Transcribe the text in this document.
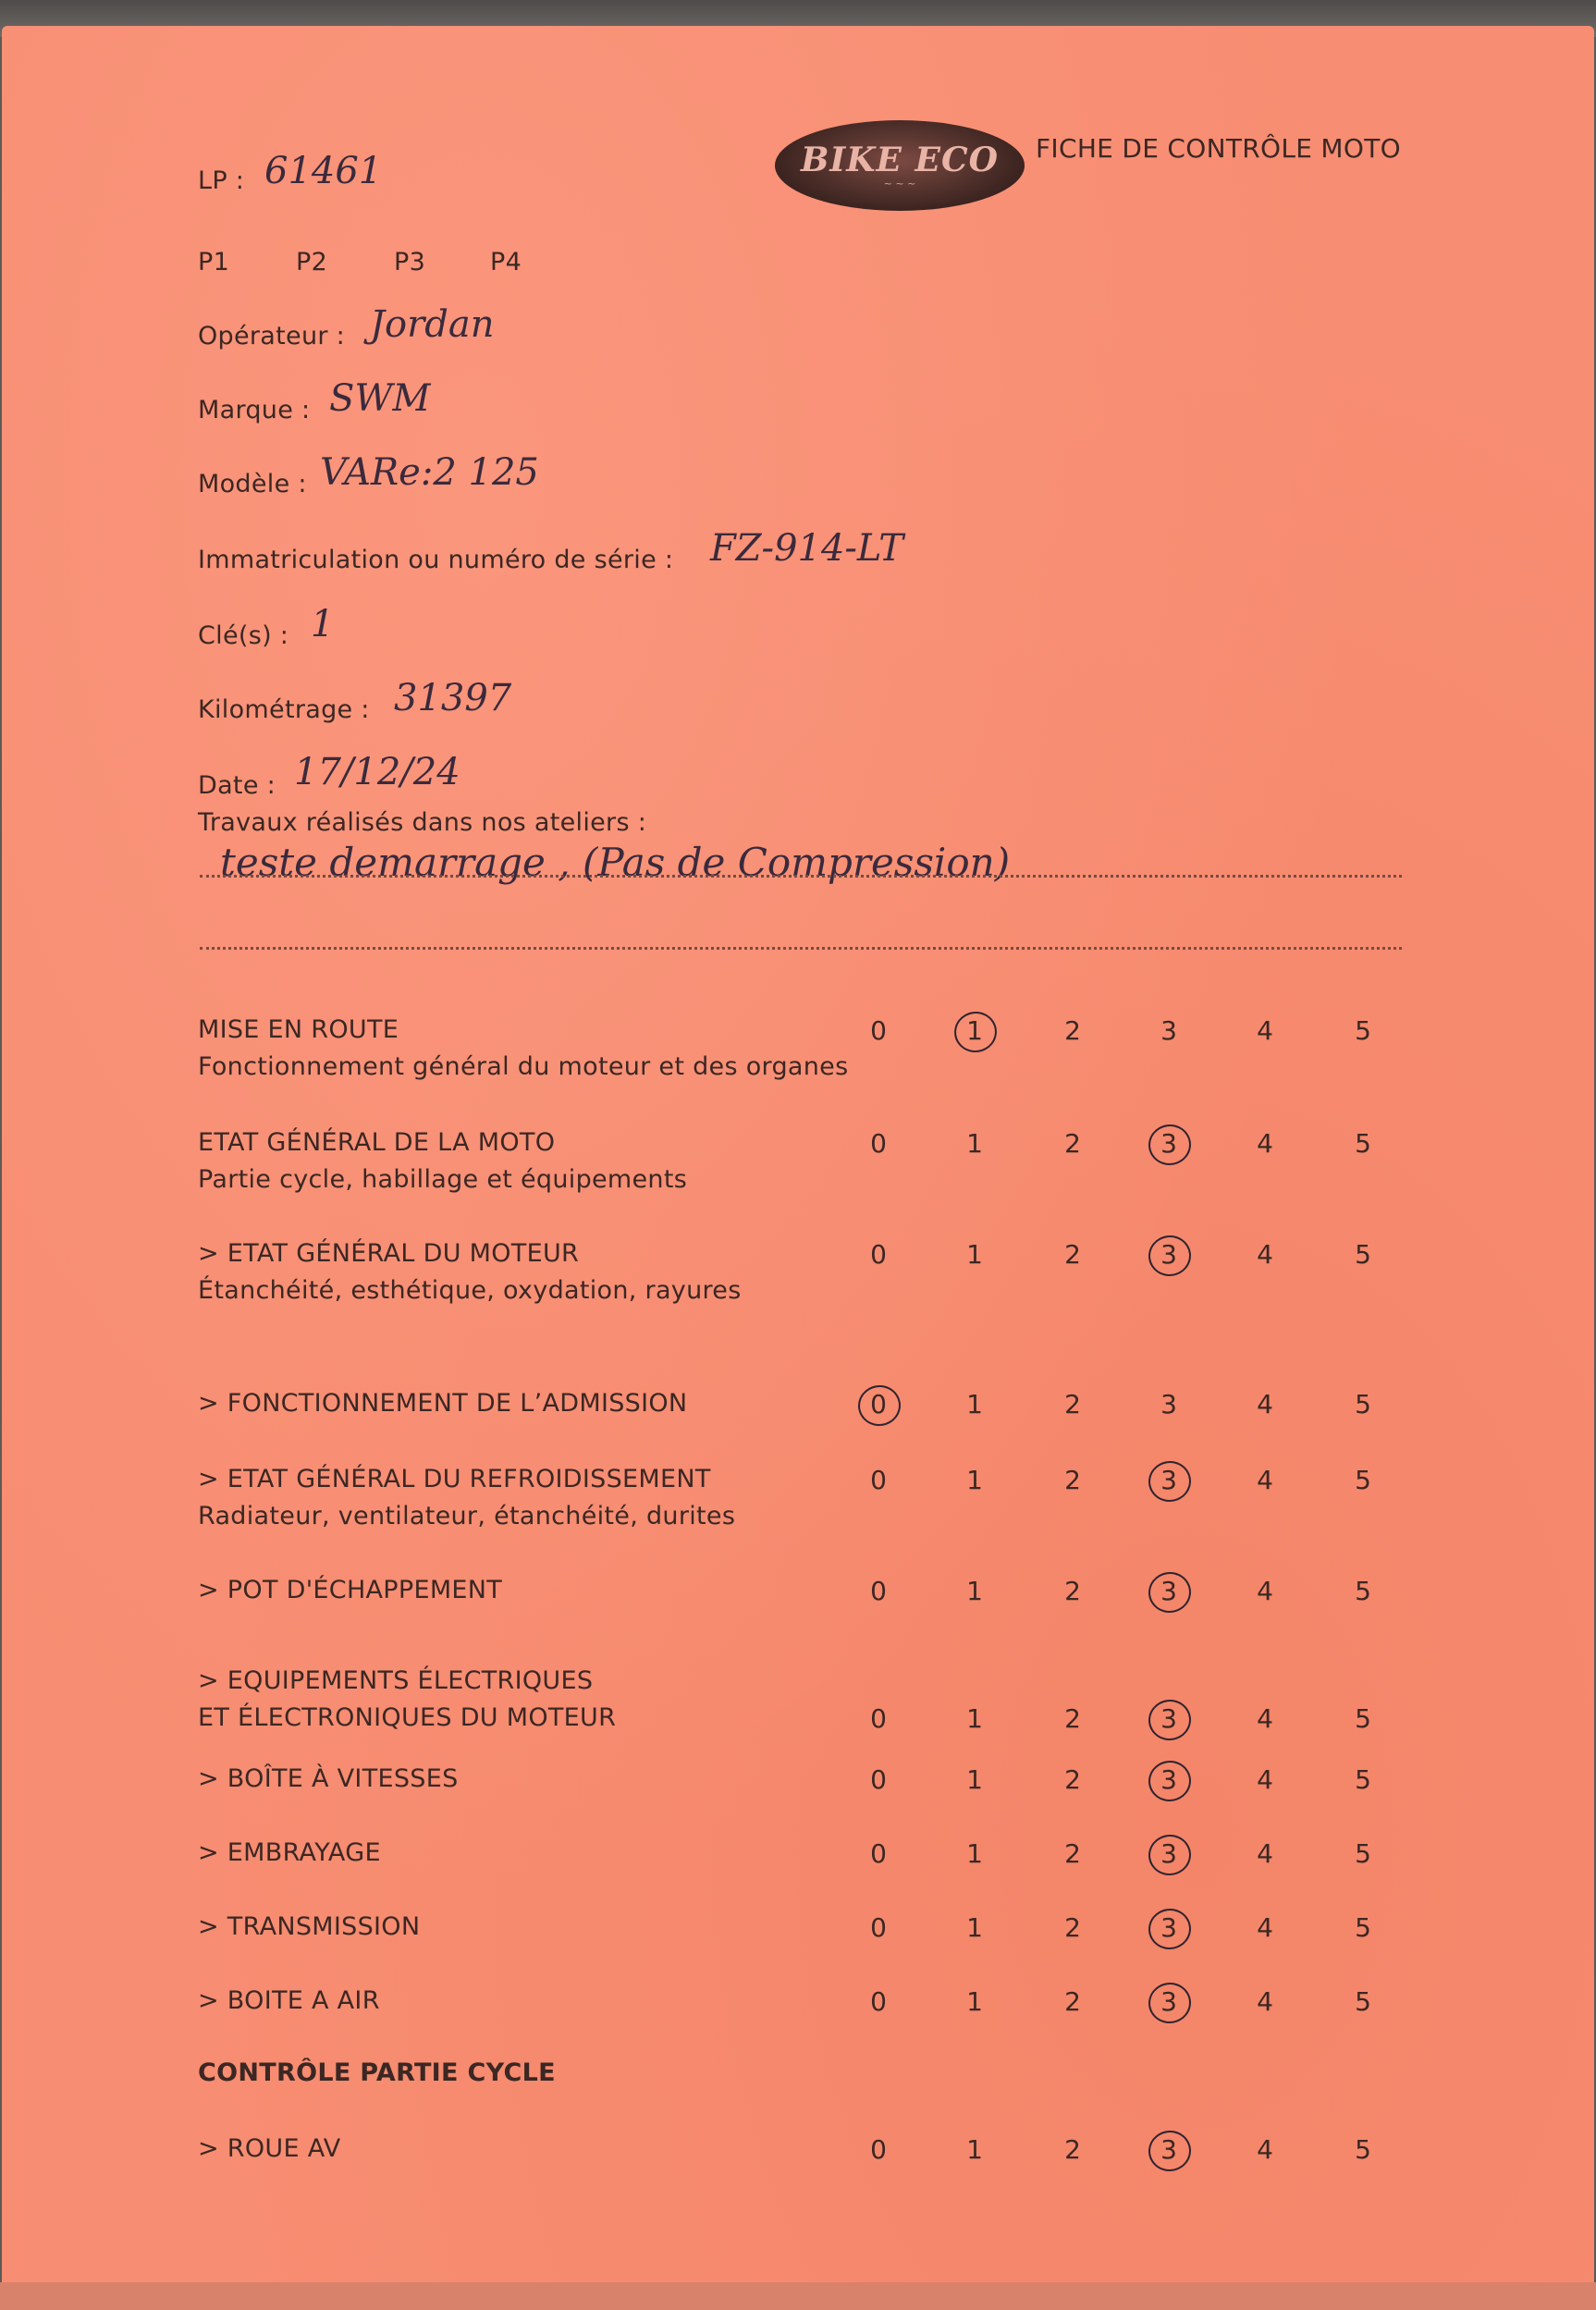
BIKE ECO
~ ~ ~
FICHE DE CONTRÔLE MOTO
LP : 61461
P1	P2	P3	P4
Opérateur : Jordan
Marque : SWM
Modèle : VARe:2 125
Immatriculation ou numéro de série : FZ-914-LT
Clé(s) : 1
Kilométrage : 31397
Date : 17/12/24
Travaux réalisés dans nos ateliers :
teste demarrage , (Pas de Compression)
CONTRÔLE PARTIE CYCLE
MISE EN ROUTE
Fonctionnement général du moteur et des organes
0	1	2	3	4	5
ETAT GÉNÉRAL DE LA MOTO
Partie cycle, habillage et équipements
0	1	2	3	4	5
> ETAT GÉNÉRAL DU MOTEUR
Étanchéité, esthétique, oxydation, rayures
0	1	2	3	4	5
> FONCTIONNEMENT DE L’ADMISSION	0	1	2	3	4	5
> ETAT GÉNÉRAL DU REFROIDISSEMENT
Radiateur, ventilateur, étanchéité, durites
0	1	2	3	4	5
> POT D'ÉCHAPPEMENT	0	1	2	3	4	5
> EQUIPEMENTS ÉLECTRIQUES
ET ÉLECTRONIQUES DU MOTEUR	0	1	2	3	4	5
> BOÎTE À VITESSES	0	1	2	3	4	5
> EMBRAYAGE	0	1	2	3	4	5
> TRANSMISSION	0	1	2	3	4	5
> BOITE A AIR	0	1	2	3	4	5
> ROUE AV	0	1	2	3	4	5
